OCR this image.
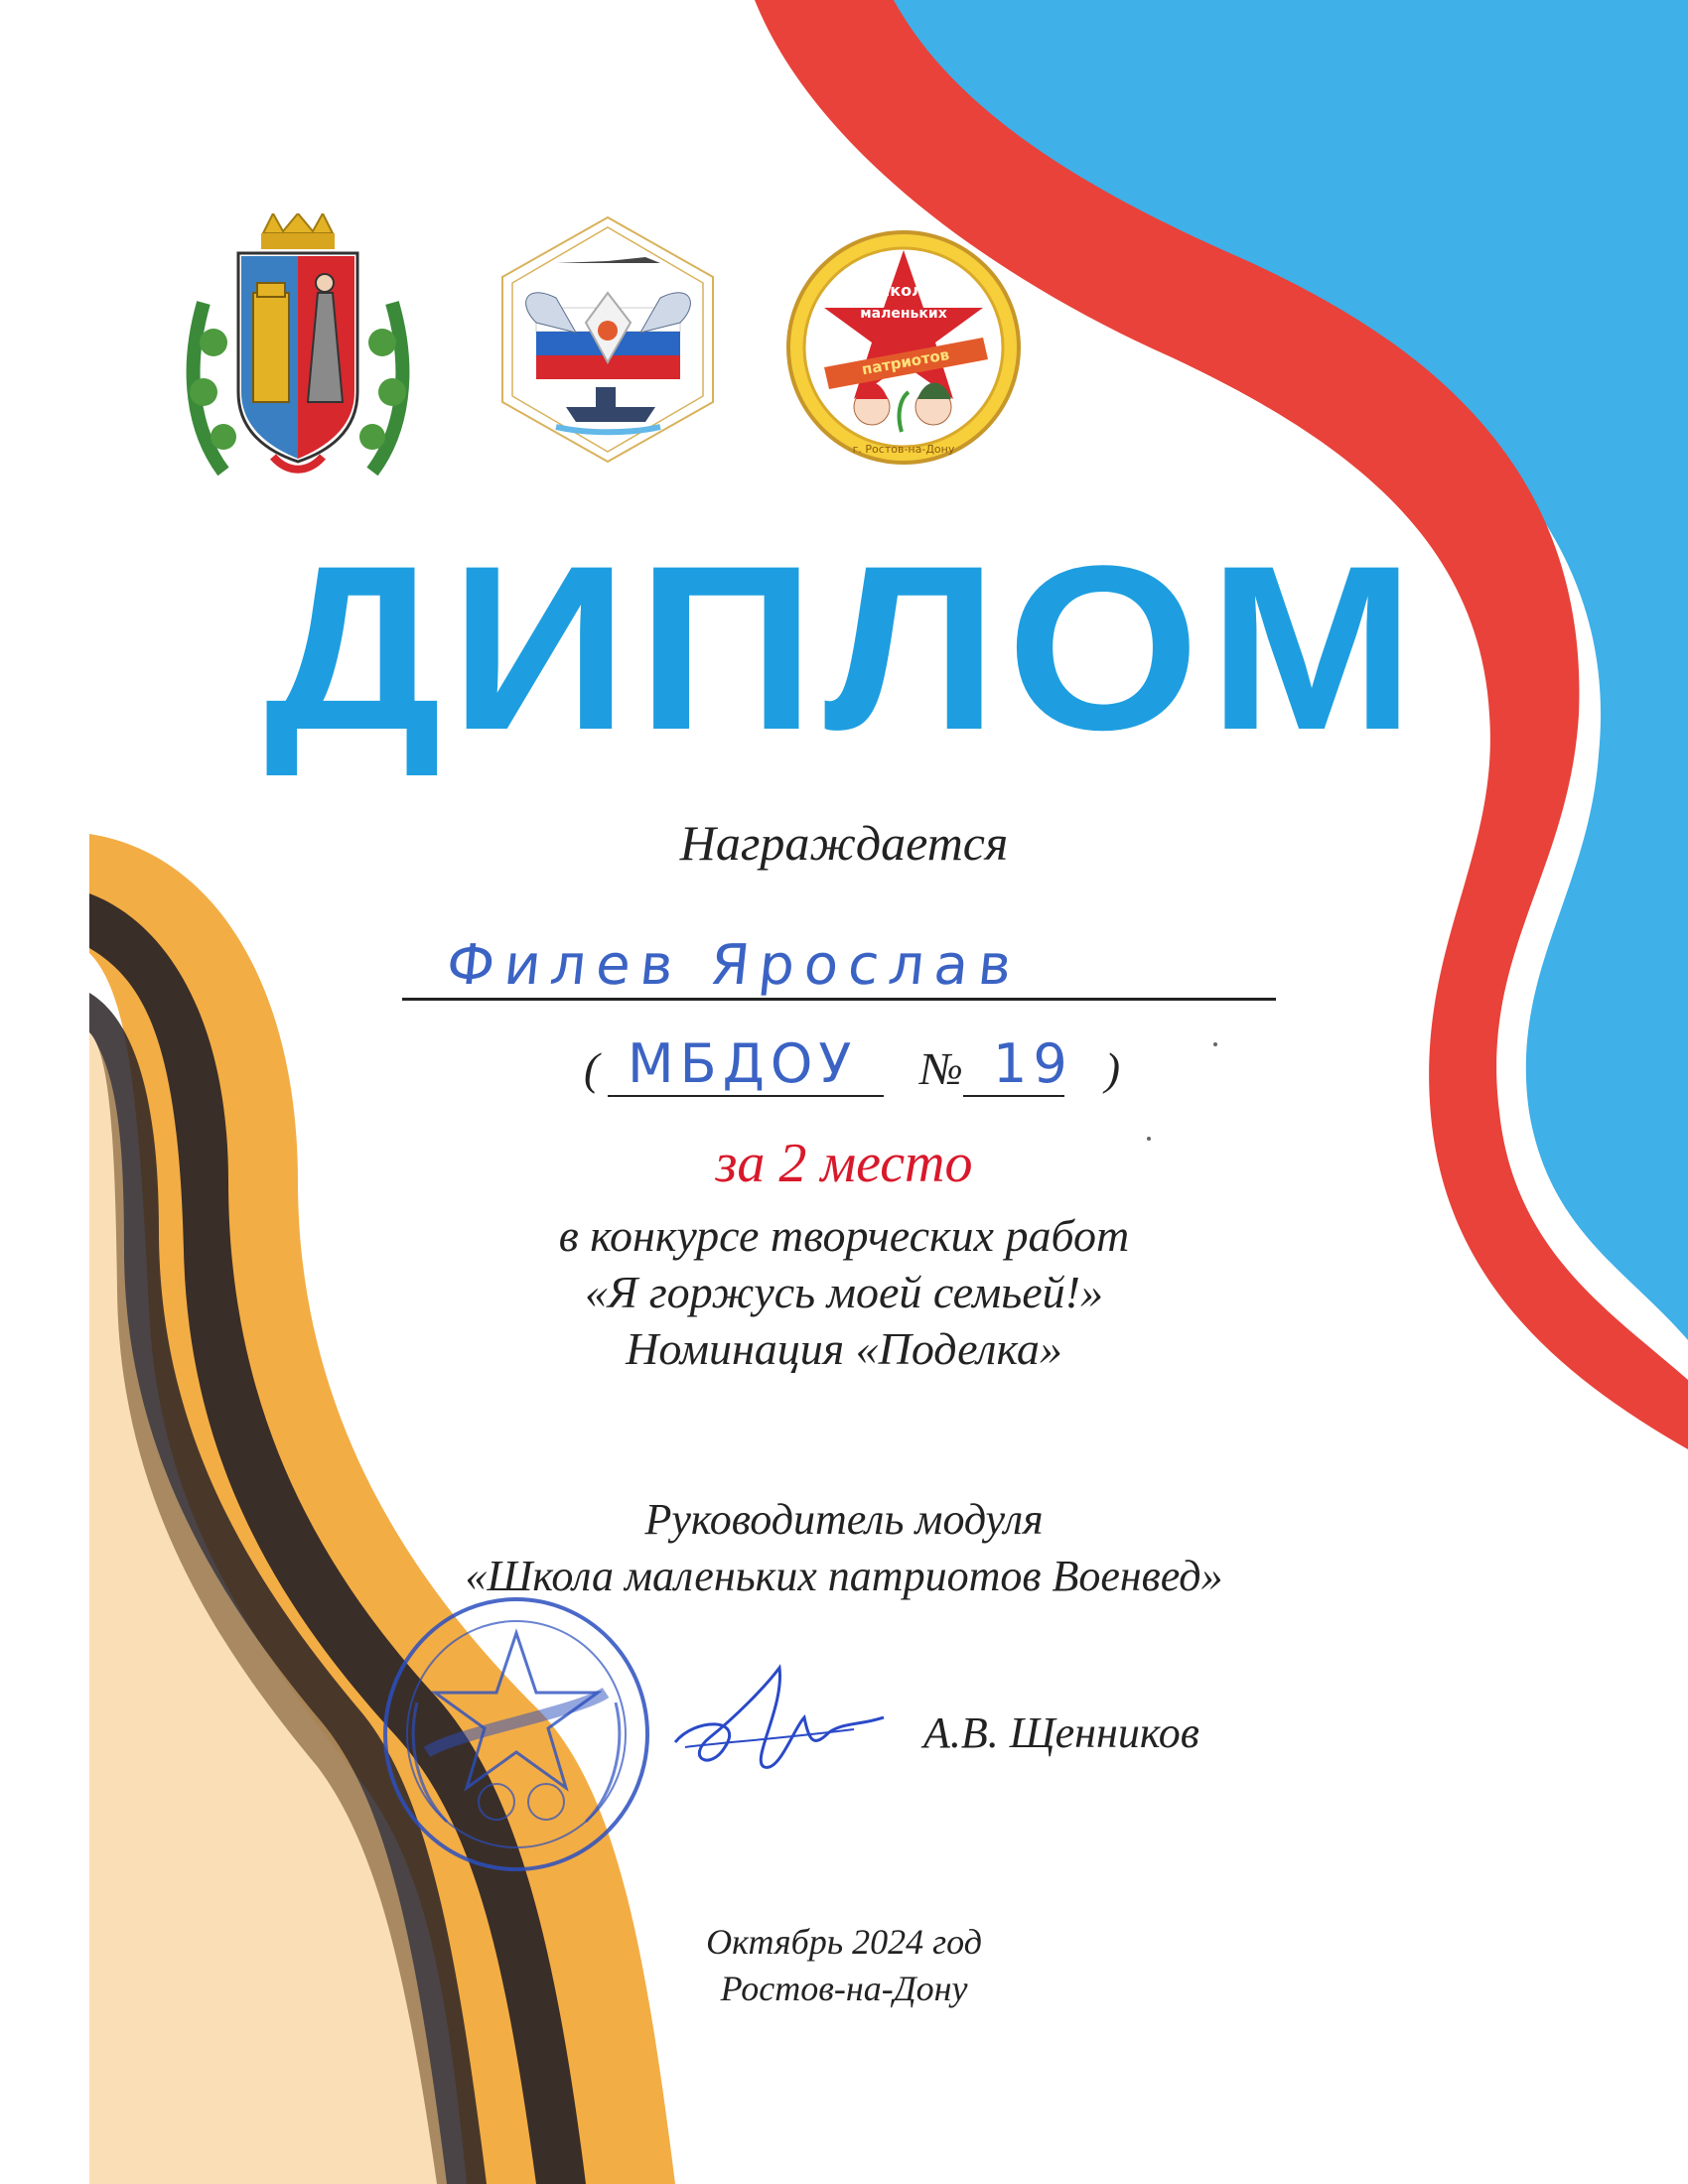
школа
маленьких
патриотов
г. Ростов-на-Дону
ДИПЛОМ
Награждается
Филев Ярослав
(	№	)
МБДОУ	19
за 2 место
в конкурсе творческих работ
«Я горжусь моей семьей!»
Номинация «Поделка»
Руководитель модуля
«Школа маленьких патриотов Военвед»
А.В. Щенников
Октябрь 2024 год
Ростов-на-Дону
